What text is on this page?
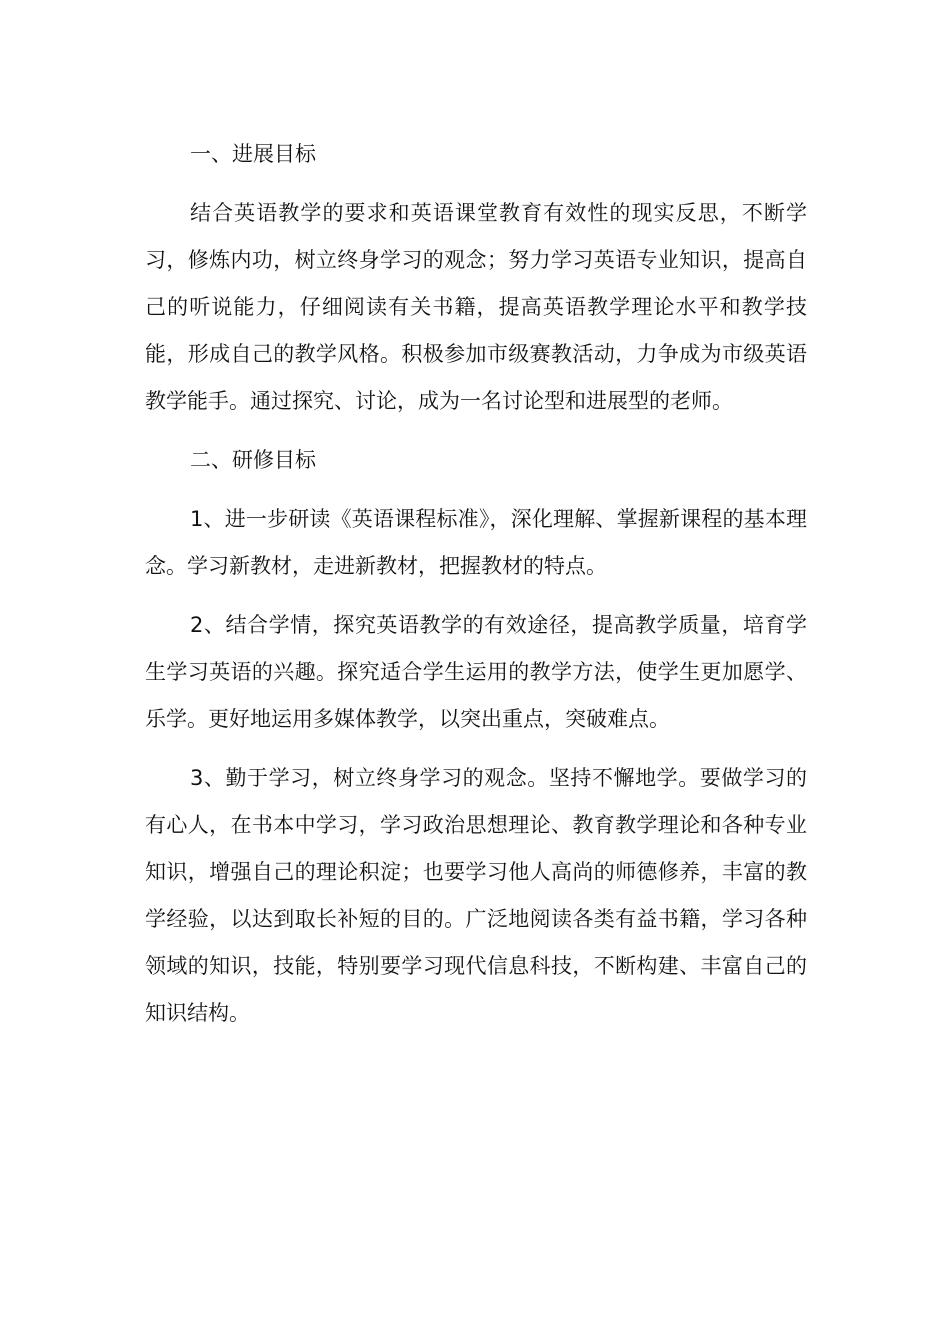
一、进展目标

结合英语教学的要求和英语课堂教育有效性的现实反思，不断学习，修炼内功，树立终身学习的观念；努力学习英语专业知识，提高自己的听说能力，仔细阅读有关书籍，提高英语教学理论水平和教学技能，形成自己的教学风格。积极参加市级赛教活动，力争成为市级英语教学能手。通过探究、讨论，成为一名讨论型和进展型的老师。

二、研修目标

1、进一步研读《英语课程标准》，深化理解、掌握新课程的基本理念。学习新教材，走进新教材，把握教材的特点。

2、结合学情，探究英语教学的有效途径，提高教学质量，培育学生学习英语的兴趣。探究适合学生运用的教学方法，使学生更加愿学、乐学。更好地运用多媒体教学，以突出重点，突破难点。

3、勤于学习，树立终身学习的观念。坚持不懈地学。要做学习的有心人，在书本中学习，学习政治思想理论、教育教学理论和各种专业知识，增强自己的理论积淀；也要学习他人高尚的师德修养，丰富的教学经验，以达到取长补短的目的。广泛地阅读各类有益书籍，学习各种领域的知识，技能，特别要学习现代信息科技，不断构建、丰富自己的知识结构。
